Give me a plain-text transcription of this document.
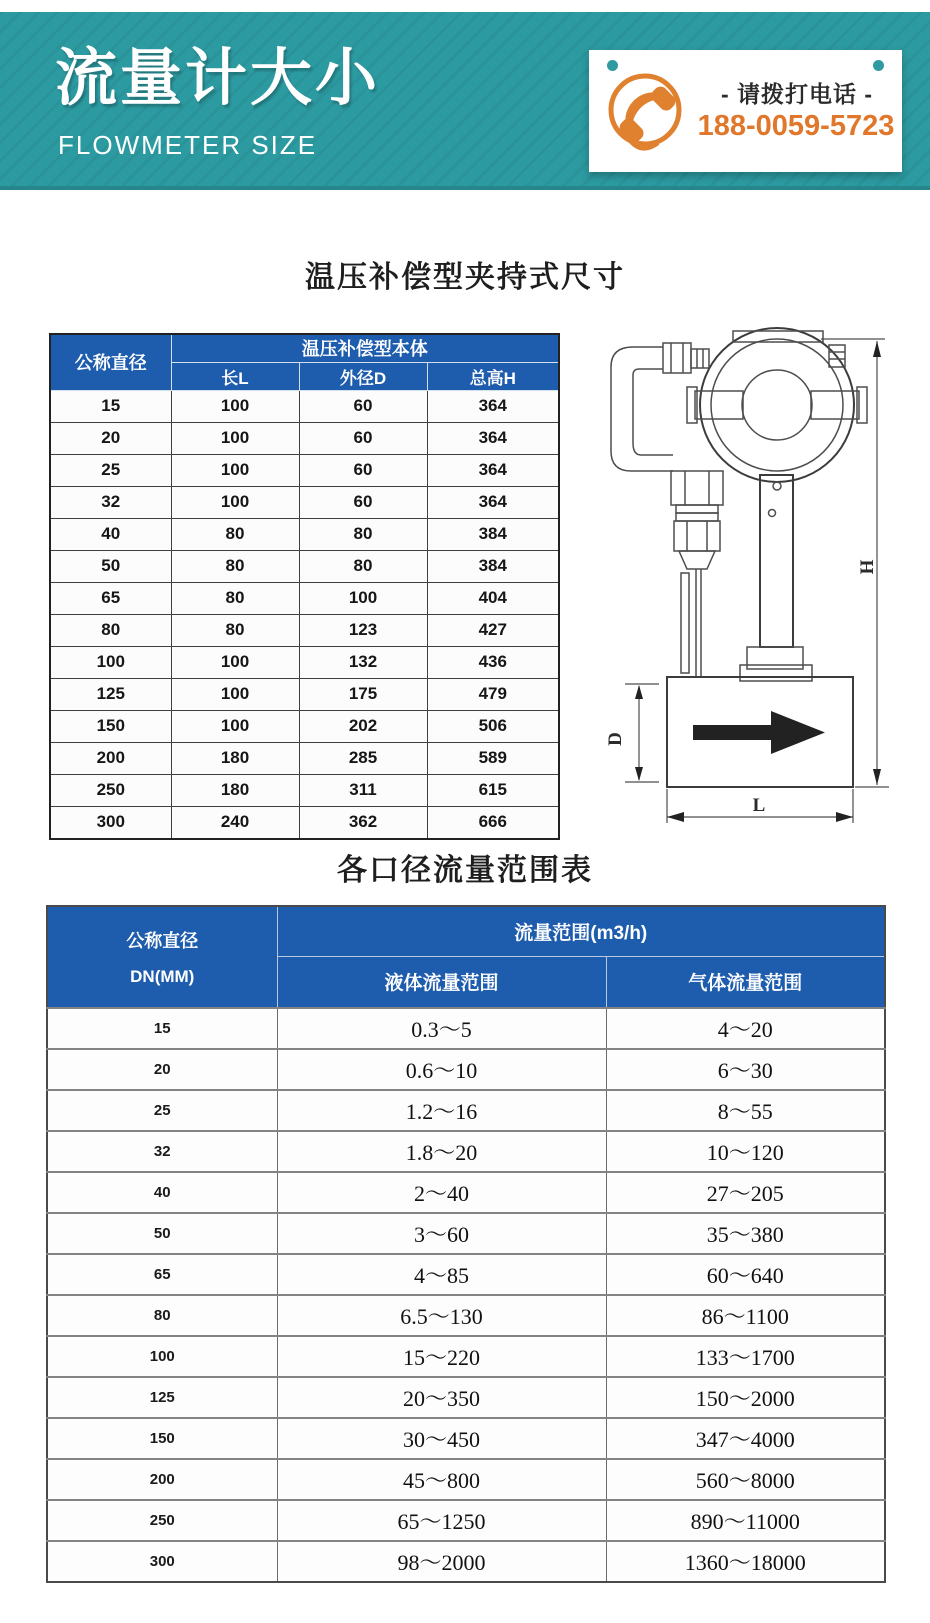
流量计大小
FLOWMETER SIZE
- 请拨打电话 -
188-0059-5723
温压补偿型夹持式尺寸
公称直径	温压补偿型本体		
	长L	外径D	总高H
15	100	60	364
20	100	60	364
25	100	60	364
32	100	60	364
40	80	80	384
50	80	80	384
65	80	100	404
80	80	123	427
100	100	132	436
125	100	175	479
150	100	202	506
200	180	285	589
250	180	311	615
300	240	362	666
D
L
H
各口径流量范围表
公称直径
DN(MM)	流量范围(m3/h)	
	液体流量范围	气体流量范围
15	0.3～5	4～20
20	0.6～10	6～30
25	1.2～16	8～55
32	1.8～20	10～120
40	2～40	27～205
50	3～60	35～380
65	4～85	60～640
80	6.5～130	86～1100
100	15～220	133～1700
125	20～350	150～2000
150	30～450	347～4000
200	45～800	560～8000
250	65～1250	890～11000
300	98～2000	1360～18000
